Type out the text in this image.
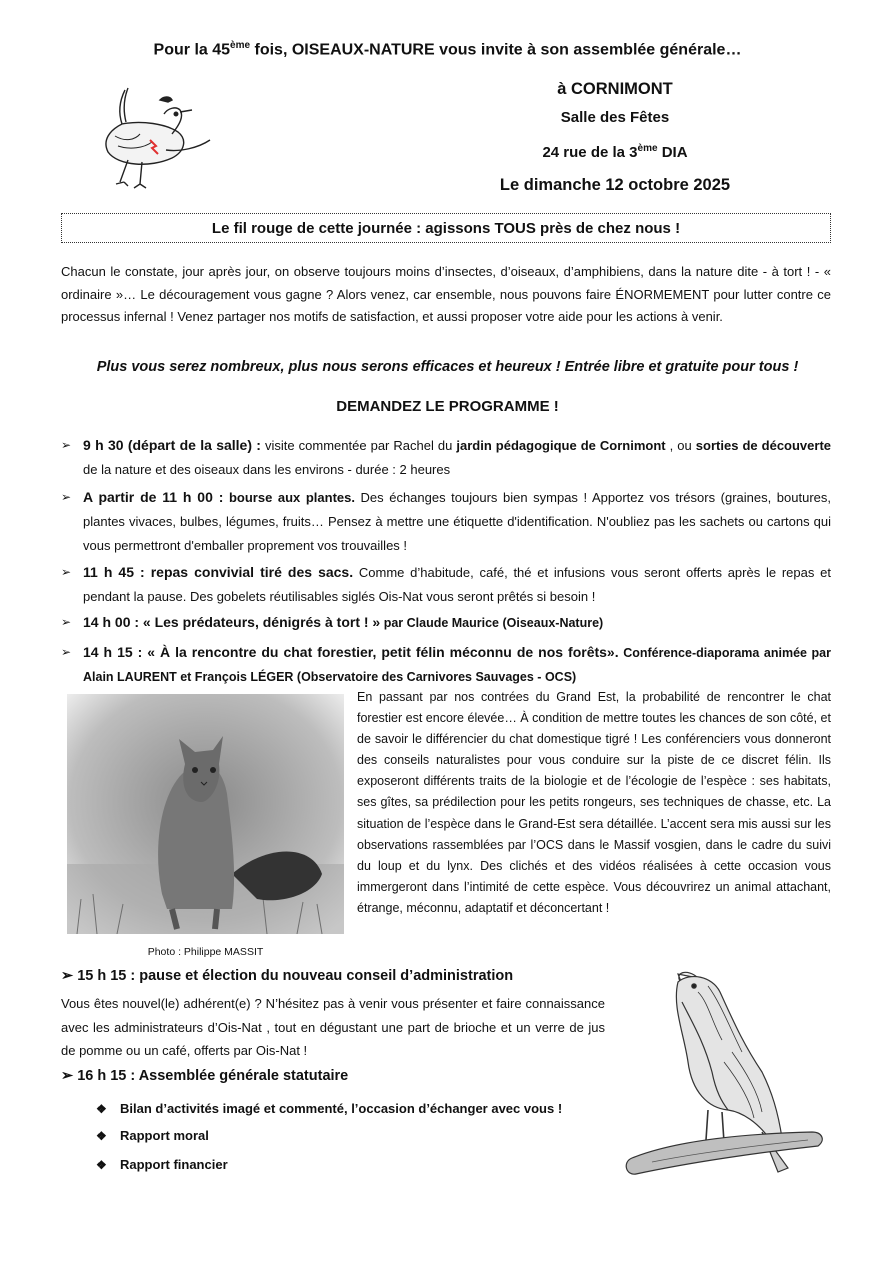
Pour la 45ème fois, OISEAUX-NATURE vous invite à son assemblée générale…
à CORNIMONT
Salle des Fêtes
24 rue de la 3ème DIA
Le dimanche 12 octobre 2025
Le fil rouge de cette journée : agissons TOUS près de chez nous !
Chacun le constate, jour après jour, on observe toujours moins d’insectes, d’oiseaux, d’amphibiens, dans la nature dite - à tort ! - « ordinaire »… Le découragement vous gagne ? Alors venez, car ensemble, nous pouvons faire ÉNORMEMENT pour lutter contre ce processus infernal ! Venez partager nos motifs de satisfaction, et aussi proposer votre aide pour les actions à venir.
Plus vous serez nombreux, plus nous serons efficaces et heureux ! Entrée libre et gratuite pour tous !
DEMANDEZ LE PROGRAMME !
➢ 9 h 30 (départ de la salle) : visite commentée par Rachel du jardin pédagogique de Cornimont , ou sorties de découverte de la nature et des oiseaux dans les environs - durée : 2 heures
➢ A partir de 11 h 00 : bourse aux plantes. Des échanges toujours bien sympas ! Apportez vos trésors (graines, boutures, plantes vivaces, bulbes, légumes, fruits… Pensez à mettre une étiquette d'identification. N'oubliez pas les sachets ou cartons qui vous permettront d'emballer proprement vos trouvailles !
➢ 11 h 45 : repas convivial tiré des sacs. Comme d’habitude, café, thé et infusions vous seront offerts après le repas et pendant la pause. Des gobelets réutilisables siglés Ois-Nat vous seront prêtés si besoin !
➢ 14 h 00 : « Les prédateurs, dénigrés à tort ! » par Claude Maurice (Oiseaux-Nature)
➢ 14 h 15 : « À la rencontre du chat forestier, petit félin méconnu de nos forêts». Conférence-diaporama animée par Alain LAURENT et François LÉGER (Observatoire des Carnivores Sauvages - OCS)
Photo : Philippe MASSIT
En passant par nos contrées du Grand Est, la probabilité de rencontrer le chat forestier est encore élevée… À condition de mettre toutes les chances de son côté, et de savoir le différencier du chat domestique tigré ! Les conférenciers vous donneront des conseils naturalistes pour vous conduire sur la piste de ce discret félin. Ils exposeront différents traits de la biologie et de l’écologie de l’espèce : ses habitats, ses gîtes, sa prédilection pour les petits rongeurs, ses techniques de chasse, etc. La situation de l’espèce dans le Grand-Est sera détaillée. L’accent sera mis aussi sur les observations rassemblées par l’OCS dans le Massif vosgien, dans le cadre du suivi du loup et du lynx. Des clichés et des vidéos réalisées à cette occasion vous immergeront dans l’intimité de cette espèce. Vous découvrirez un animal attachant, étrange, méconnu, adaptatif et déconcertant !
➢ 15 h 15 : pause et élection du nouveau conseil d’administration
Vous êtes nouvel(le) adhérent(e) ? N’hésitez pas à venir vous présenter et faire connaissance avec les administrateurs d’Ois-Nat , tout en dégustant une part de brioche et un verre de jus de pomme ou un café, offerts par Ois-Nat !
➢ 16 h 15 : Assemblée générale statutaire
❖ Bilan d’activités imagé et commenté, l’occasion d’échanger avec vous !
❖ Rapport moral
❖ Rapport financier
